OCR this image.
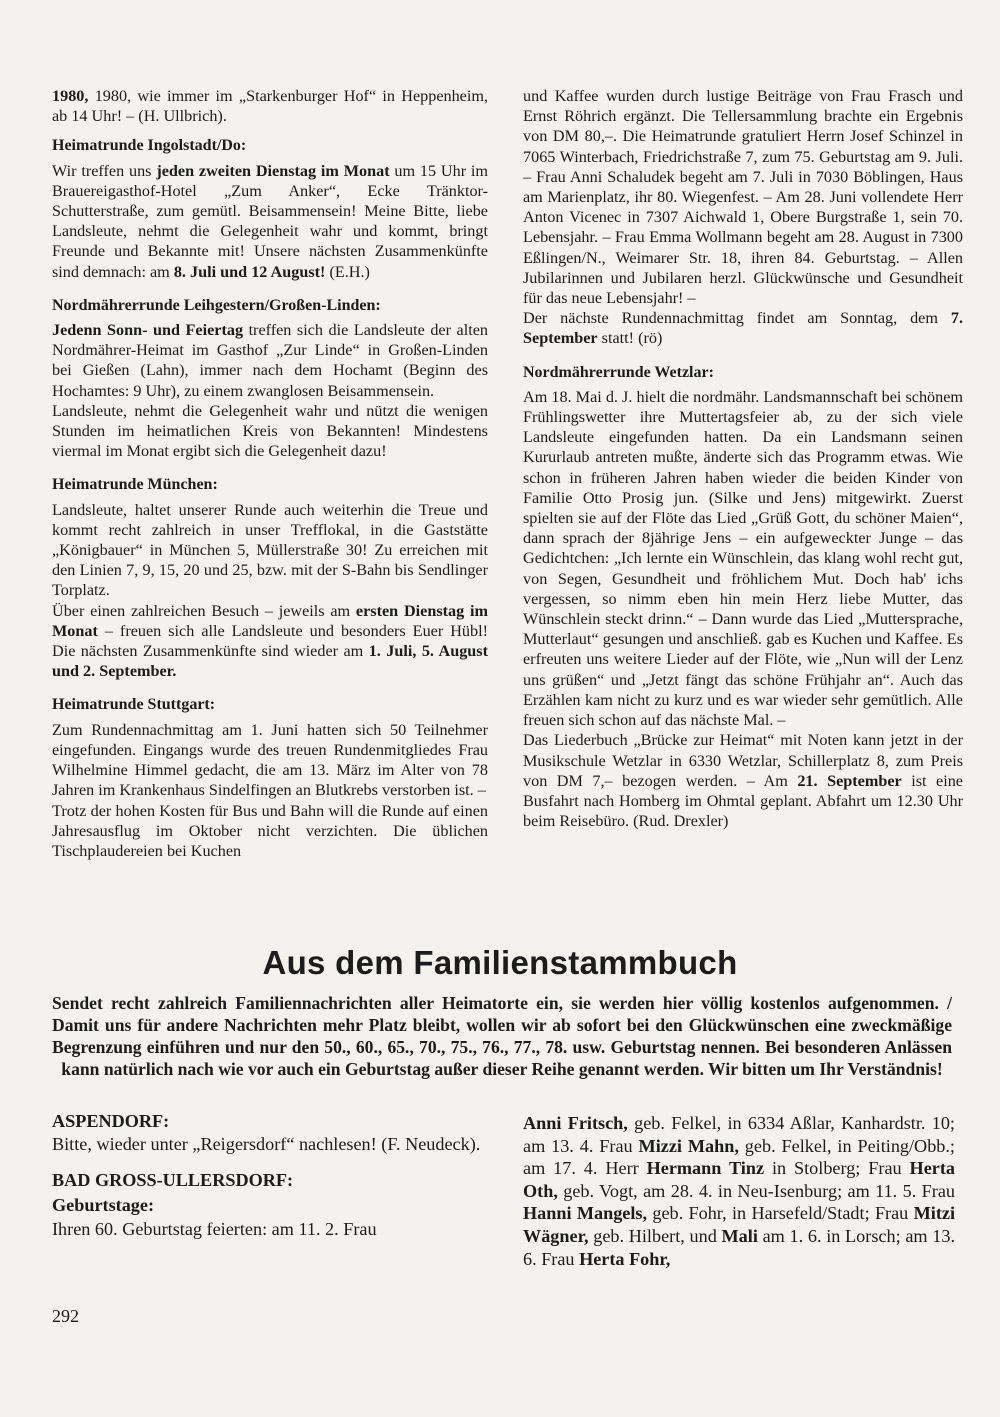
1980, 1980, wie immer im „Starkenburger Hof“ in Heppenheim, ab 14 Uhr! – (H. Ullbrich).

Heimatrunde Ingolstadt/Do:

Wir treffen uns jeden zweiten Dienstag im Monat um 15 Uhr im Brauereigasthof-Hotel „Zum Anker“, Ecke Tränktor-Schutterstraße, zum gemütl. Beisammensein! Meine Bitte, liebe Landsleute, nehmt die Gelegenheit wahr und kommt, bringt Freunde und Bekannte mit! Unsere nächsten Zusammenkünfte sind demnach: am 8. Juli und 12 August! (E.H.)

Nordmährerrunde Leihgestern/Großen-Linden:

Jedenn Sonn- und Feiertag treffen sich die Landsleute der alten Nordmährer-Heimat im Gasthof „Zur Linde“ in Großen-Linden bei Gießen (Lahn), immer nach dem Hochamt (Beginn des Hochamtes: 9 Uhr), zu einem zwanglosen Beisammensein.

Landsleute, nehmt die Gelegenheit wahr und nützt die wenigen Stunden im heimatlichen Kreis von Bekannten! Mindestens viermal im Monat ergibt sich die Gelegenheit dazu!

Heimatrunde München:

Landsleute, haltet unserer Runde auch weiterhin die Treue und kommt recht zahlreich in unser Trefflokal, in die Gaststätte „Königbauer“ in München 5, Müllerstraße 30! Zu erreichen mit den Linien 7, 9, 15, 20 und 25, bzw. mit der S-Bahn bis Sendlinger Torplatz.

Über einen zahlreichen Besuch – jeweils am ersten Dienstag im Monat – freuen sich alle Landsleute und besonders Euer Hübl! Die nächsten Zusammenkünfte sind wieder am 1. Juli, 5. August und 2. September.

Heimatrunde Stuttgart:

Zum Rundennachmittag am 1. Juni hatten sich 50 Teilnehmer eingefunden. Eingangs wurde des treuen Rundenmitgliedes Frau Wilhelmine Himmel gedacht, die am 13. März im Alter von 78 Jahren im Krankenhaus Sindelfingen an Blutkrebs verstorben ist. –

Trotz der hohen Kosten für Bus und Bahn will die Runde auf einen Jahresausflug im Oktober nicht verzichten. Die üblichen Tischplaudereien bei Kuchen

und Kaffee wurden durch lustige Beiträge von Frau Frasch und Ernst Röhrich ergänzt. Die Tellersammlung brachte ein Ergebnis von DM 80,–. Die Heimatrunde gratuliert Herrn Josef Schinzel in 7065 Winterbach, Friedrichstraße 7, zum 75. Geburtstag am 9. Juli. – Frau Anni Schaludek begeht am 7. Juli in 7030 Böblingen, Haus am Marienplatz, ihr 80. Wiegenfest. – Am 28. Juni vollendete Herr Anton Vicenec in 7307 Aichwald 1, Obere Burgstraße 1, sein 70. Lebensjahr. – Frau Emma Wollmann begeht am 28. August in 7300 Eßlingen/N., Weimarer Str. 18, ihren 84. Geburtstag. – Allen Jubilarinnen und Jubilaren herzl. Glückwünsche und Gesundheit für das neue Lebensjahr! –

Der nächste Rundennachmittag findet am Sonntag, dem 7. September statt! (rö)

Nordmährerrunde Wetzlar:

Am 18. Mai d. J. hielt die nordmähr. Landsmannschaft bei schönem Frühlingswetter ihre Muttertagsfeier ab, zu der sich viele Landsleute eingefunden hatten. Da ein Landsmann seinen Kururlaub antreten mußte, änderte sich das Programm etwas. Wie schon in früheren Jahren haben wieder die beiden Kinder von Familie Otto Prosig jun. (Silke und Jens) mitgewirkt. Zuerst spielten sie auf der Flöte das Lied „Grüß Gott, du schöner Maien“, dann sprach der 8jährige Jens – ein aufgeweckter Junge – das Gedichtchen: „Ich lernte ein Wünschlein, das klang wohl recht gut, von Segen, Gesundheit und fröhlichem Mut. Doch hab' ichs vergessen, so nimm eben hin mein Herz liebe Mutter, das Wünschlein steckt drinn.“ – Dann wurde das Lied „Muttersprache, Mutterlaut“ gesungen und anschließ. gab es Kuchen und Kaffee. Es erfreuten uns weitere Lieder auf der Flöte, wie „Nun will der Lenz uns grüßen“ und „Jetzt fängt das schöne Frühjahr an“. Auch das Erzählen kam nicht zu kurz und es war wieder sehr gemütlich. Alle freuen sich schon auf das nächste Mal. –

Das Liederbuch „Brücke zur Heimat“ mit Noten kann jetzt in der Musikschule Wetzlar in 6330 Wetzlar, Schillerplatz 8, zum Preis von DM 7,– bezogen werden. – Am 21. September ist eine Busfahrt nach Homberg im Ohmtal geplant. Abfahrt um 12.30 Uhr beim Reisebüro. (Rud. Drexler)

Aus dem Familienstammbuch

Sendet recht zahlreich Familiennachrichten aller Heimatorte ein, sie werden hier völlig kostenlos aufgenommen. / Damit uns für andere Nachrichten mehr Platz bleibt, wollen wir ab sofort bei den Glückwünschen eine zweckmäßige Begrenzung einführen und nur den 50., 60., 65., 70., 75., 76., 77., 78. usw. Geburtstag nennen. Bei besonderen Anlässen kann natürlich nach wie vor auch ein Geburtstag außer dieser Reihe genannt werden. Wir bitten um Ihr Verständnis!

ASPENDORF:

Bitte, wieder unter „Reigersdorf“ nachlesen! (F. Neudeck).

BAD GROSS-ULLERSDORF:
Geburtstage:

Ihren 60. Geburtstag feierten: am 11. 2. Frau

Anni Fritsch, geb. Felkel, in 6334 Aßlar, Kanhardstr. 10; am 13. 4. Frau Mizzi Mahn, geb. Felkel, in Peiting/Obb.; am 17. 4. Herr Hermann Tinz in Stolberg; Frau Herta Oth, geb. Vogt, am 28. 4. in Neu-Isenburg; am 11. 5. Frau Hanni Mangels, geb. Fohr, in Harsefeld/Stadt; Frau Mitzi Wägner, geb. Hilbert, und Mali am 1. 6. in Lorsch; am 13. 6. Frau Herta Fohr,

292
